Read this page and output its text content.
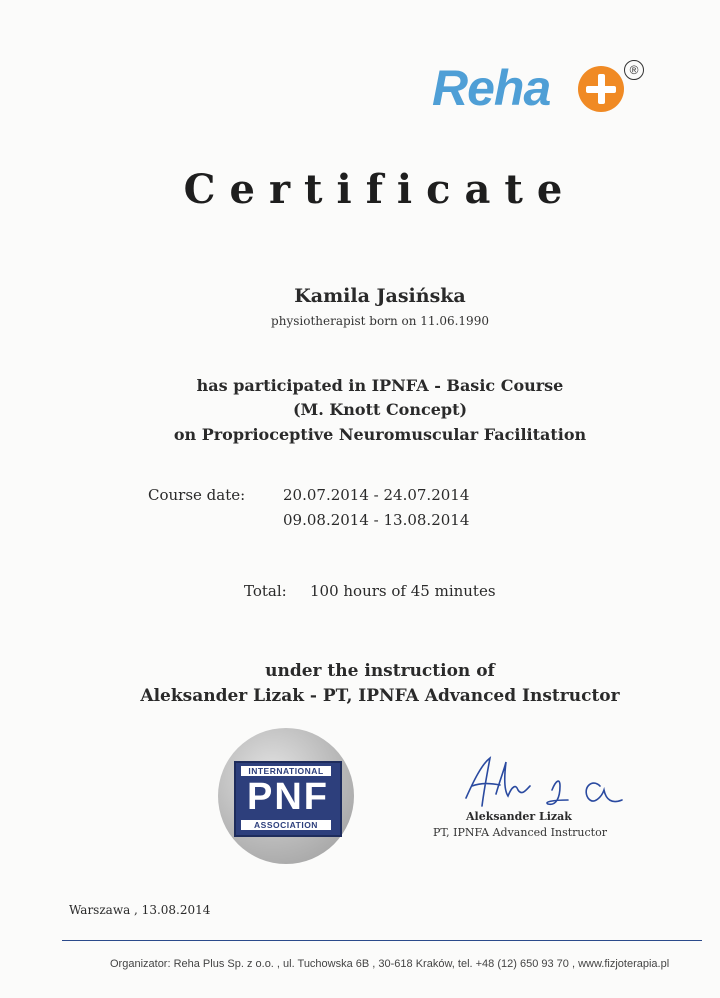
Reha	®
Certificate
Kamila Jasińska
physiotherapist born on 11.06.1990
has participated in IPNFA - Basic Course
(M. Knott Concept)
on Proprioceptive Neuromuscular Facilitation
Course date:	20.07.2014 - 24.07.2014
09.08.2014 - 13.08.2014
Total: 100 hours of 45 minutes
under the instruction of
Aleksander Lizak - PT, IPNFA Advanced Instructor
INTERNATIONAL
PNF
ASSOCIATION
Aleksander Lizak
PT, IPNFA Advanced Instructor
Warszawa , 13.08.2014
Organizator: Reha Plus Sp. z o.o. , ul. Tuchowska 6B , 30-618 Kraków, tel. +48 (12) 650 93 70 , www.fizjoterapia.pl
